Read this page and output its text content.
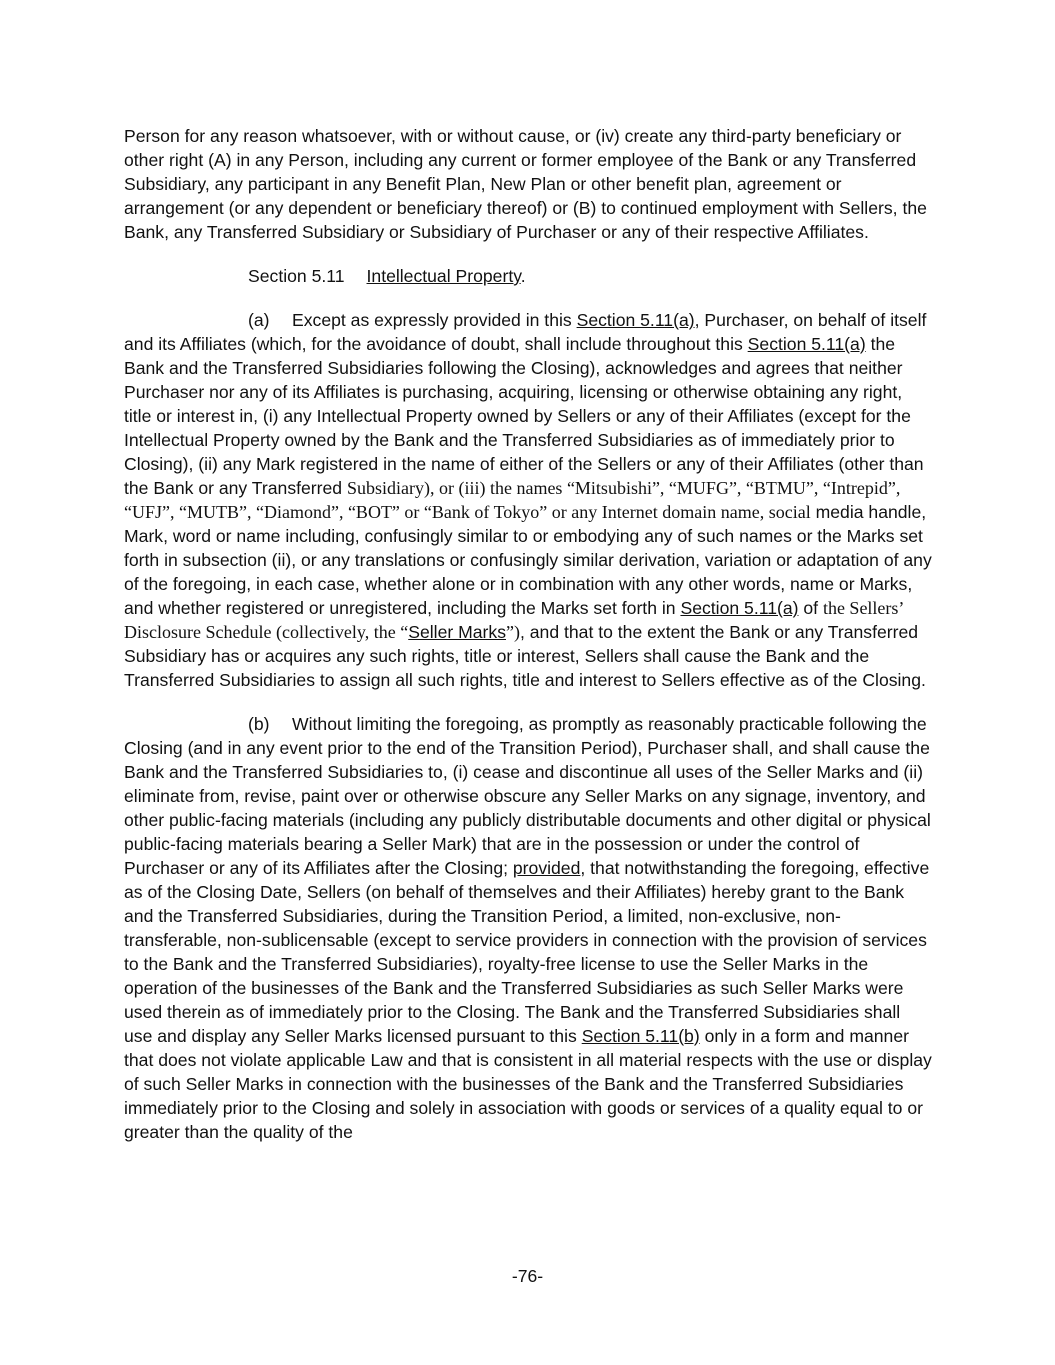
Person for any reason whatsoever, with or without cause, or (iv) create any third-party beneficiary or other right (A) in any Person, including any current or former employee of the Bank or any Transferred Subsidiary, any participant in any Benefit Plan, New Plan or other benefit plan, agreement or arrangement (or any dependent or beneficiary thereof) or (B) to continued employment with Sellers, the Bank, any Transferred Subsidiary or Subsidiary of Purchaser or any of their respective Affiliates.

Section 5.11 Intellectual Property.

(a) Except as expressly provided in this Section 5.11(a), Purchaser, on behalf of itself and its Affiliates (which, for the avoidance of doubt, shall include throughout this Section 5.11(a) the Bank and the Transferred Subsidiaries following the Closing), acknowledges and agrees that neither Purchaser nor any of its Affiliates is purchasing, acquiring, licensing or otherwise obtaining any right, title or interest in, (i) any Intellectual Property owned by Sellers or any of their Affiliates (except for the Intellectual Property owned by the Bank and the Transferred Subsidiaries as of immediately prior to Closing), (ii) any Mark registered in the name of either of the Sellers or any of their Affiliates (other than the Bank or any Transferred Subsidiary), or (iii) the names “Mitsubishi”, “MUFG”, “BTMU”, “Intrepid”, “UFJ”, “MUTB”, “Diamond”, “BOT” or “Bank of Tokyo” or any Internet domain name, social media handle, Mark, word or name including, confusingly similar to or embodying any of such names or the Marks set forth in subsection (ii), or any translations or confusingly similar derivation, variation or adaptation of any of the foregoing, in each case, whether alone or in combination with any other words, name or Marks, and whether registered or unregistered, including the Marks set forth in Section 5.11(a) of the Sellers’ Disclosure Schedule (collectively, the “Seller Marks”), and that to the extent the Bank or any Transferred Subsidiary has or acquires any such rights, title or interest, Sellers shall cause the Bank and the Transferred Subsidiaries to assign all such rights, title and interest to Sellers effective as of the Closing.

(b) Without limiting the foregoing, as promptly as reasonably practicable following the Closing (and in any event prior to the end of the Transition Period), Purchaser shall, and shall cause the Bank and the Transferred Subsidiaries to, (i) cease and discontinue all uses of the Seller Marks and (ii) eliminate from, revise, paint over or otherwise obscure any Seller Marks on any signage, inventory, and other public-facing materials (including any publicly distributable documents and other digital or physical public-facing materials bearing a Seller Mark) that are in the possession or under the control of Purchaser or any of its Affiliates after the Closing; provided, that notwithstanding the foregoing, effective as of the Closing Date, Sellers (on behalf of themselves and their Affiliates) hereby grant to the Bank and the Transferred Subsidiaries, during the Transition Period, a limited, non-exclusive, non-transferable, non-sublicensable (except to service providers in connection with the provision of services to the Bank and the Transferred Subsidiaries), royalty-free license to use the Seller Marks in the operation of the businesses of the Bank and the Transferred Subsidiaries as such Seller Marks were used therein as of immediately prior to the Closing. The Bank and the Transferred Subsidiaries shall use and display any Seller Marks licensed pursuant to this Section 5.11(b) only in a form and manner that does not violate applicable Law and that is consistent in all material respects with the use or display of such Seller Marks in connection with the businesses of the Bank and the Transferred Subsidiaries immediately prior to the Closing and solely in association with goods or services of a quality equal to or greater than the quality of the

-76-
